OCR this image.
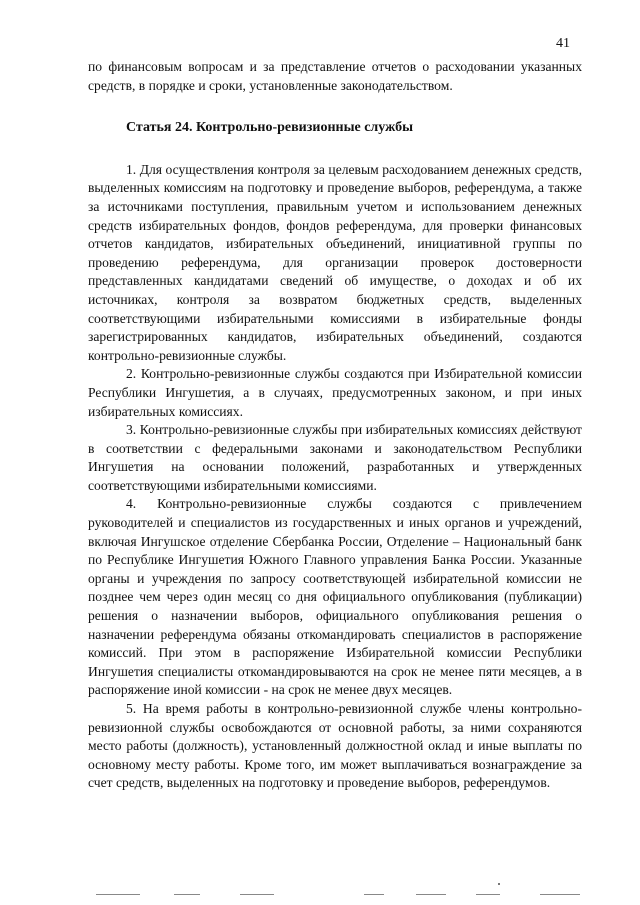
41

по финансовым вопросам и за представление отчетов о расходовании указанных средств, в порядке и сроки, установленные законодательством.

Статья 24. Контрольно-ревизионные службы

1. Для осуществления контроля за целевым расходованием денежных средств, выделенных комиссиям на подготовку и проведение выборов, референдума, а также за источниками поступления, правильным учетом и использованием денежных средств избирательных фондов, фондов референдума, для проверки финансовых отчетов кандидатов, избирательных объединений, инициативной группы по проведению референдума, для организации проверок достоверности представленных кандидатами сведений об имуществе, о доходах и об их источниках, контроля за возвратом бюджетных средств, выделенных соответствующими избирательными комиссиями в избирательные фонды зарегистрированных кандидатов, избирательных объединений, создаются контрольно-ревизионные службы.

2. Контрольно-ревизионные службы создаются при Избирательной комиссии Республики Ингушетия, а в случаях, предусмотренных законом, и при иных избирательных комиссиях.

3. Контрольно-ревизионные службы при избирательных комиссиях действуют в соответствии с федеральными законами и законодательством Республики Ингушетия на основании положений, разработанных и утвержденных соответствующими избирательными комиссиями.

4. Контрольно-ревизионные службы создаются с привлечением руководителей и специалистов из государственных и иных органов и учреждений, включая Ингушское отделение Сбербанка России, Отделение – Национальный банк по Республике Ингушетия Южного Главного управления Банка России. Указанные органы и учреждения по запросу соответствующей избирательной комиссии не позднее чем через один месяц со дня официального опубликования (публикации) решения о назначении выборов, официального опубликования решения о назначении референдума обязаны откомандировать специалистов в распоряжение комиссий. При этом в распоряжение Избирательной комиссии Республики Ингушетия специалисты откомандировываются на срок не менее пяти месяцев, а в распоряжение иной комиссии - на срок не менее двух месяцев.

5. На время работы в контрольно-ревизионной службе члены контрольно-ревизионной службы освобождаются от основной работы, за ними сохраняются место работы (должность), установленный должностной оклад и иные выплаты по основному месту работы. Кроме того, им может выплачиваться вознаграждение за счет средств, выделенных на подготовку и проведение выборов, референдумов.
